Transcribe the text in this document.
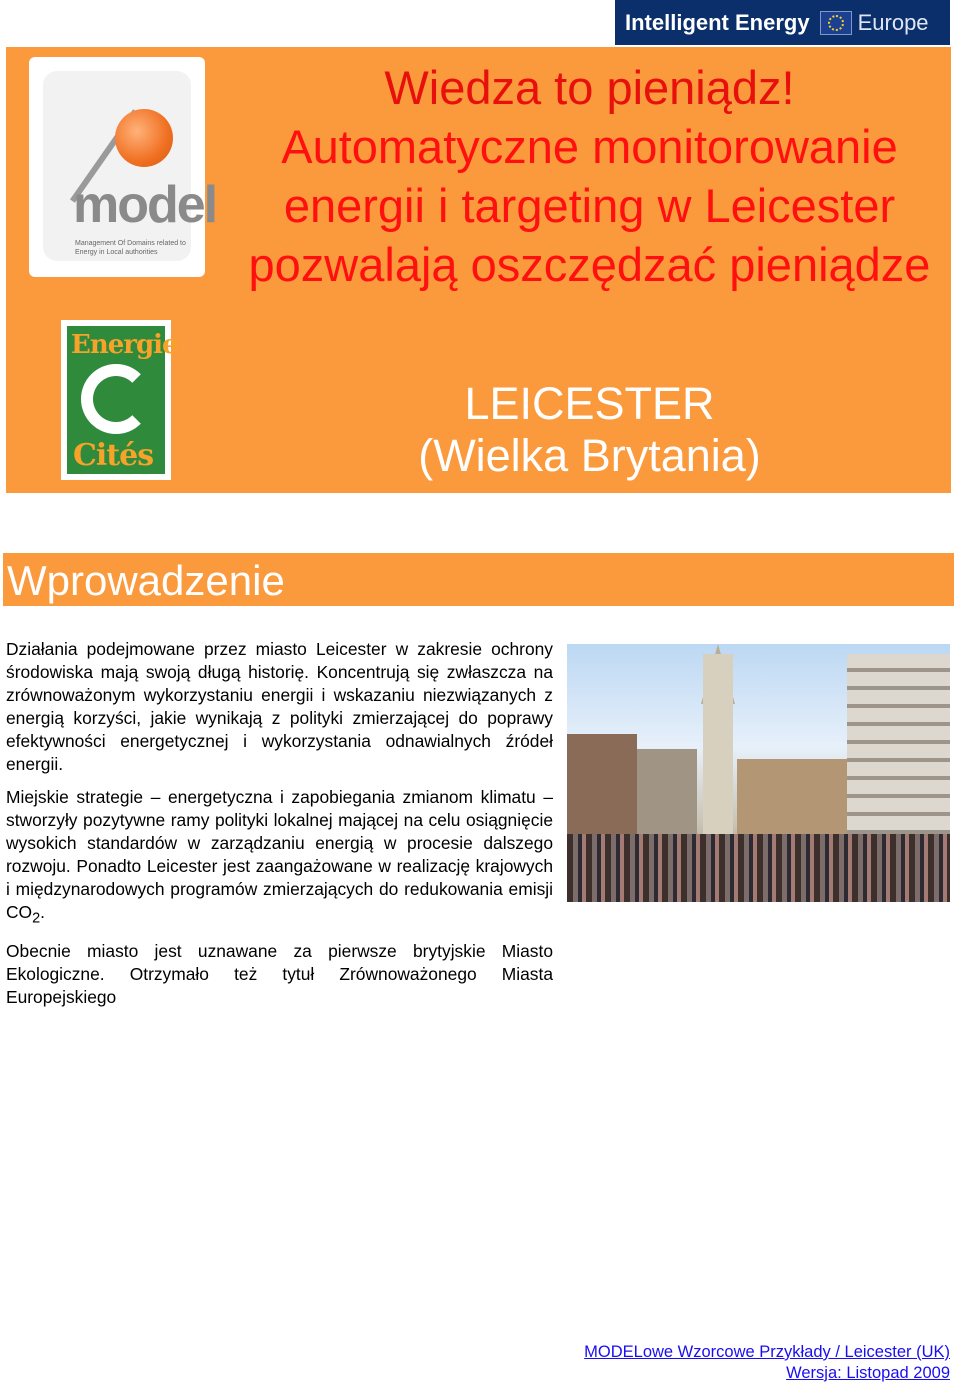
Intelligent Energy Europe
model
Management Of Domains related to Energy in Local authorities
Energie
Cités
Wiedza to pieniądz! Automatyczne monitorowanie energii i targeting w Leicester pozwalają oszczędzać pieniądze
LEICESTER
(Wielka Brytania)
Wprowadzenie

Działania podejmowane przez miasto Leicester w zakresie ochrony środowiska mają swoją długą historię. Koncentrują się zwłaszcza na zrównoważonym wykorzystaniu energii i wskazaniu niezwiązanych z energią korzyści, jakie wynikają z polityki zmierzającej do poprawy efektywności energetycznej i wykorzystania odnawialnych źródeł energii.

Miejskie strategie – energetyczna i zapobiegania zmianom klimatu – stworzyły pozytywne ramy polityki lokalnej mającej na celu osiągnięcie wysokich standardów w zarządzaniu energią w procesie dalszego rozwoju. Ponadto Leicester jest zaangażowane w realizację krajowych i międzynarodowych programów zmierzających do redukowania emisji $CO_2$.

Obecnie miasto jest uznawane za pierwsze brytyjskie Miasto Ekologiczne. Otrzymało też tytuł Zrównoważonego Miasta Europejskiego

MODELowe Wzorcowe Przykłady / Leicester (UK)
Wersja: Listopad 2009
